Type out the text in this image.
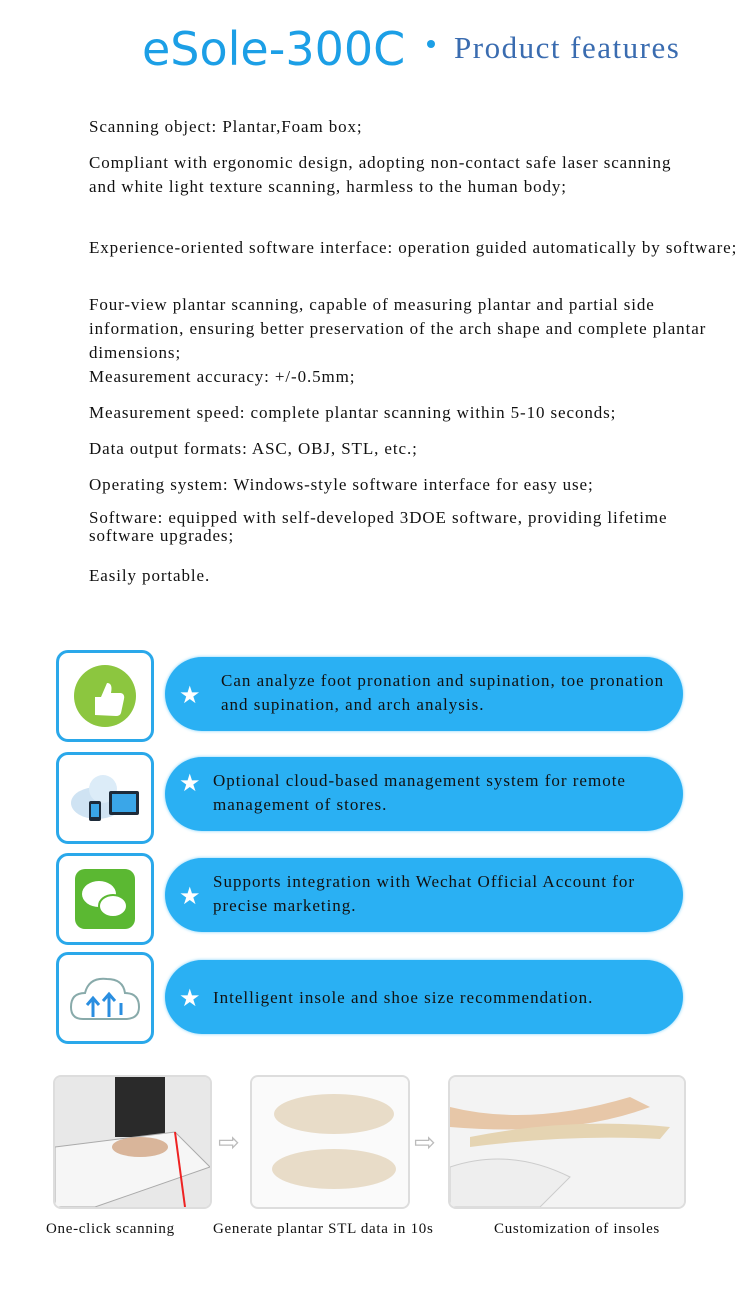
eSole-300C Product features
Scanning object: Plantar,Foam box;
Compliant with ergonomic design, adopting non-contact safe laser scanning and white light texture scanning, harmless to the human body;
Experience-oriented software interface: operation guided automatically by software;
Four-view plantar scanning, capable of measuring plantar and partial side information, ensuring better preservation of the arch shape and complete plantar dimensions;
Measurement accuracy: +/-0.5mm;
Measurement speed: complete plantar scanning within 5-10 seconds;
Data output formats: ASC, OBJ, STL, etc.;
Operating system: Windows-style software interface for easy use;
Software: equipped with self-developed 3DOE software, providing lifetime software upgrades;
Easily portable.
★
Can analyze foot pronation and supination, toe pronation and supination, and arch analysis.
★ Optional cloud-based management system for remote management of stores.
★
Supports integration with Wechat Official Account for precise marketing.
★ Intelligent insole and shoe size recommendation.
⇨	⇨
One-click scanning	Generate plantar STL data in 10s	Customization of insoles
